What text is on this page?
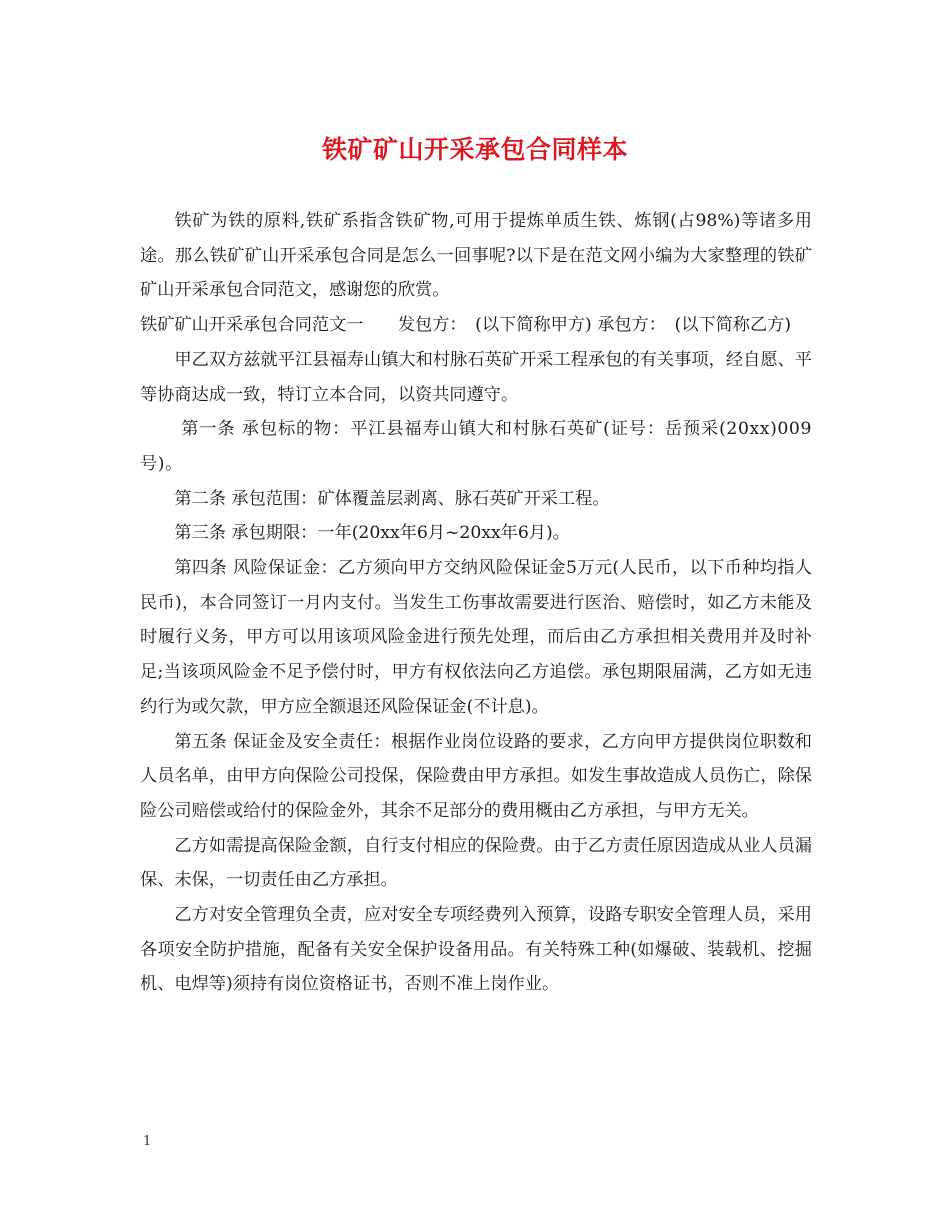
铁矿矿山开采承包合同样本

铁矿为铁的原料,铁矿系指含铁矿物,可用于提炼单质生铁、炼钢(占98%)等诸多用途。那么铁矿矿山开采承包合同是怎么一回事呢?以下是在范文网小编为大家整理的铁矿矿山开采承包合同范文，感谢您的欣赏。

铁矿矿山开采承包合同范文一　　发包方：　(以下简称甲方) 承包方：　(以下简称乙方)

甲乙双方兹就平江县福寿山镇大和村脉石英矿开采工程承包的有关事项，经自愿、平等协商达成一致，特订立本合同，以资共同遵守。

第一条 承包标的物：平江县福寿山镇大和村脉石英矿(证号：岳预采(20xx)009号)。

第二条 承包范围：矿体覆盖层剥离、脉石英矿开采工程。

第三条 承包期限：一年(20xx年6月~20xx年6月)。

第四条 风险保证金：乙方须向甲方交纳风险保证金5万元(人民币，以下币种均指人民币)，本合同签订一月内支付。当发生工伤事故需要进行医治、赔偿时，如乙方未能及时履行义务，甲方可以用该项风险金进行预先处理，而后由乙方承担相关费用并及时补足;当该项风险金不足予偿付时，甲方有权依法向乙方追偿。承包期限届满，乙方如无违约行为或欠款，甲方应全额退还风险保证金(不计息)。

第五条 保证金及安全责任：根据作业岗位设路的要求，乙方向甲方提供岗位职数和人员名单，由甲方向保险公司投保，保险费由甲方承担。如发生事故造成人员伤亡，除保险公司赔偿或给付的保险金外，其余不足部分的费用概由乙方承担，与甲方无关。

乙方如需提高保险金额，自行支付相应的保险费。由于乙方责任原因造成从业人员漏保、未保，一切责任由乙方承担。

乙方对安全管理负全责，应对安全专项经费列入预算，设路专职安全管理人员，采用各项安全防护措施，配备有关安全保护设备用品。有关特殊工种(如爆破、装载机、挖掘机、电焊等)须持有岗位资格证书，否则不准上岗作业。

1
